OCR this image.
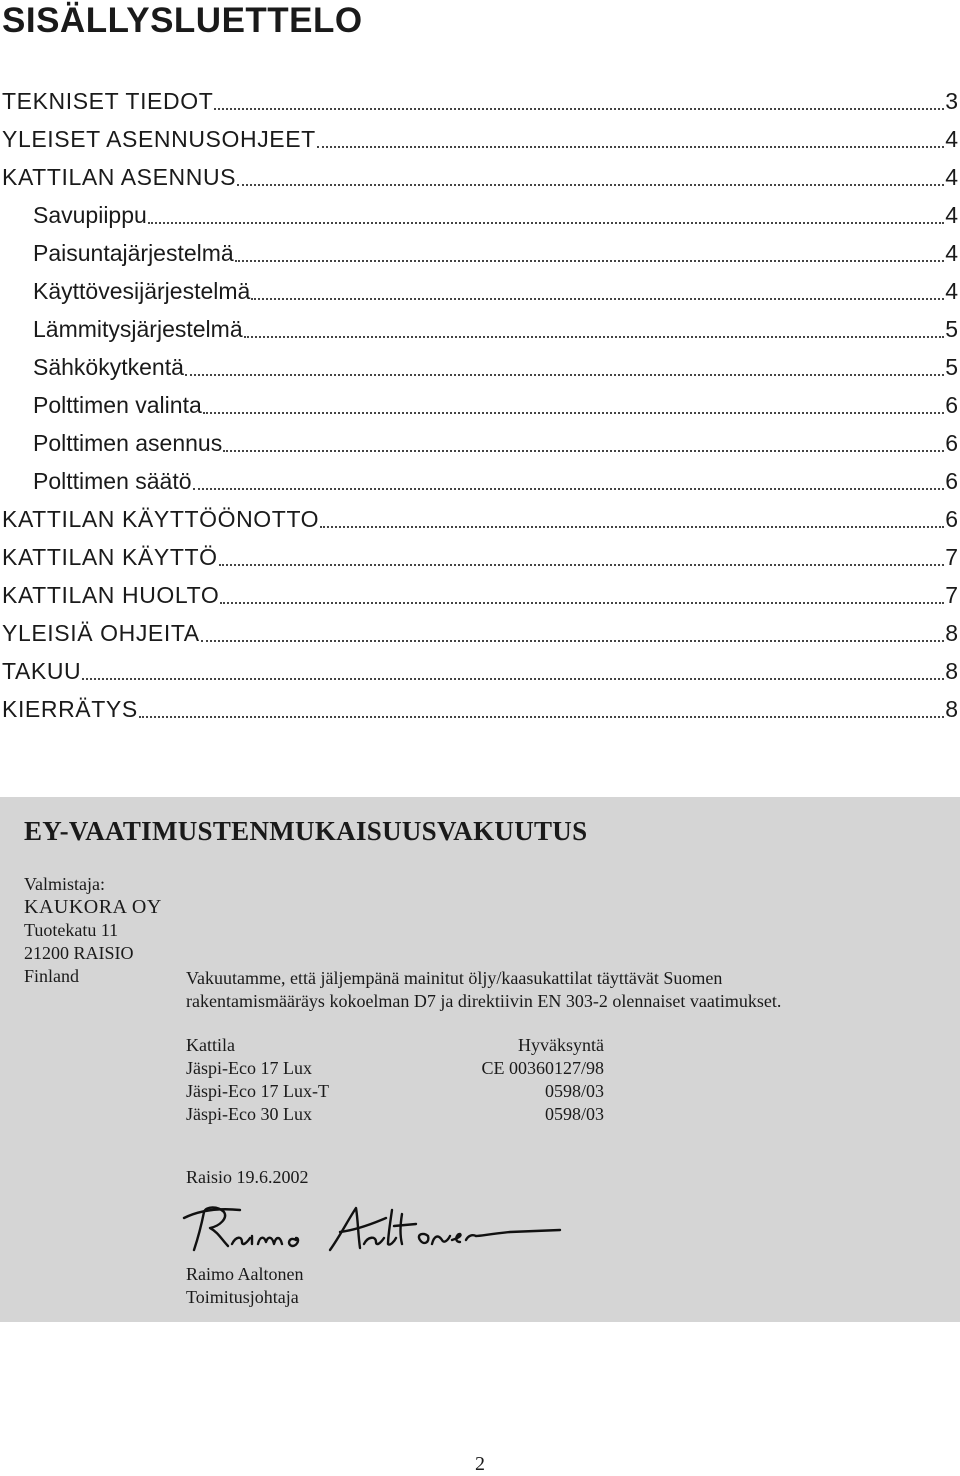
SISÄLLYSLUETTELO
TEKNISET TIEDOT	3
YLEISET ASENNUSOHJEET	4
KATTILAN ASENNUS	4
Savupiippu	4
Paisuntajärjestelmä	4
Käyttövesijärjestelmä	4
Lämmitysjärjestelmä	5
Sähkökytkentä	5
Polttimen valinta	6
Polttimen asennus	6
Polttimen säätö	6
KATTILAN KÄYTTÖÖNOTTO	6
KATTILAN KÄYTTÖ	7
KATTILAN HUOLTO	7
YLEISIÄ OHJEITA	8
TAKUU	8
KIERRÄTYS	8
EY-VAATIMUSTENMUKAISUUSVAKUUTUS
Valmistaja:
KAUKORA OY
Tuotekatu 11
21200 RAISIO
Finland	Vakuutamme, että jäljempänä mainitut öljy/kaasukattilat täyttävät Suomen
rakentamismääräys kokoelman D7 ja direktiivin EN 303-2 olennaiset vaatimukset.
Kattila	Hyväksyntä
Jäspi-Eco 17 Lux	CE 00360127/98
Jäspi-Eco 17 Lux-T	0598/03
Jäspi-Eco 30 Lux	0598/03
Raisio 19.6.2002
Raimo Aaltonen
Toimitusjohtaja
2
